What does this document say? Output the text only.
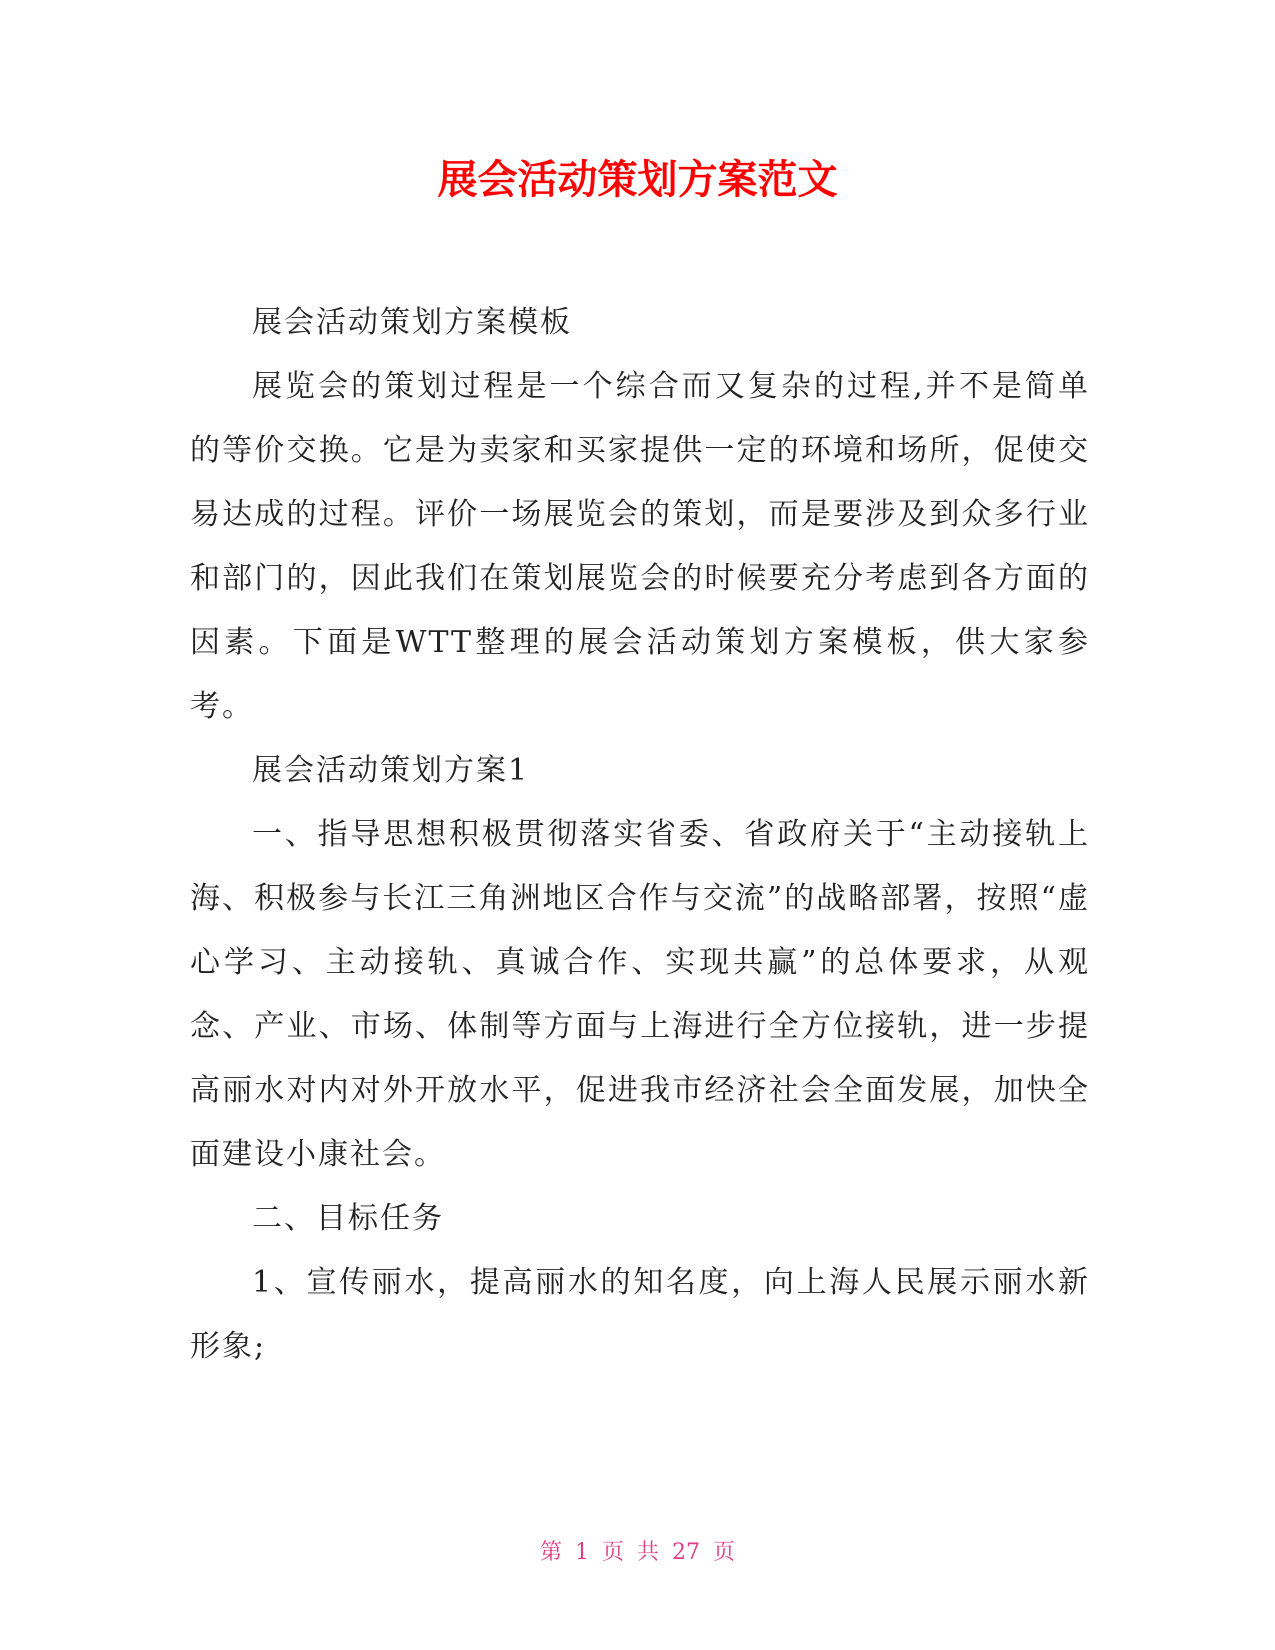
展会活动策划方案范文

展会活动策划方案模板

展览会的策划过程是一个综合而又复杂的过程,并不是简单的等价交换。它是为卖家和买家提供一定的环境和场所，促使交易达成的过程。评价一场展览会的策划，而是要涉及到众多行业和部门的，因此我们在策划展览会的时候要充分考虑到各方面的因素。下面是WTT整理的展会活动策划方案模板，供大家参考。

展会活动策划方案1

一、指导思想积极贯彻落实省委、省政府关于“主动接轨上海、积极参与长江三角洲地区合作与交流”的战略部署，按照“虚心学习、主动接轨、真诚合作、实现共赢”的总体要求，从观念、产业、市场、体制等方面与上海进行全方位接轨，进一步提高丽水对内对外开放水平，促进我市经济社会全面发展，加快全面建设小康社会。

二、目标任务

1、宣传丽水，提高丽水的知名度，向上海人民展示丽水新形象;

第 1 页 共 27 页
